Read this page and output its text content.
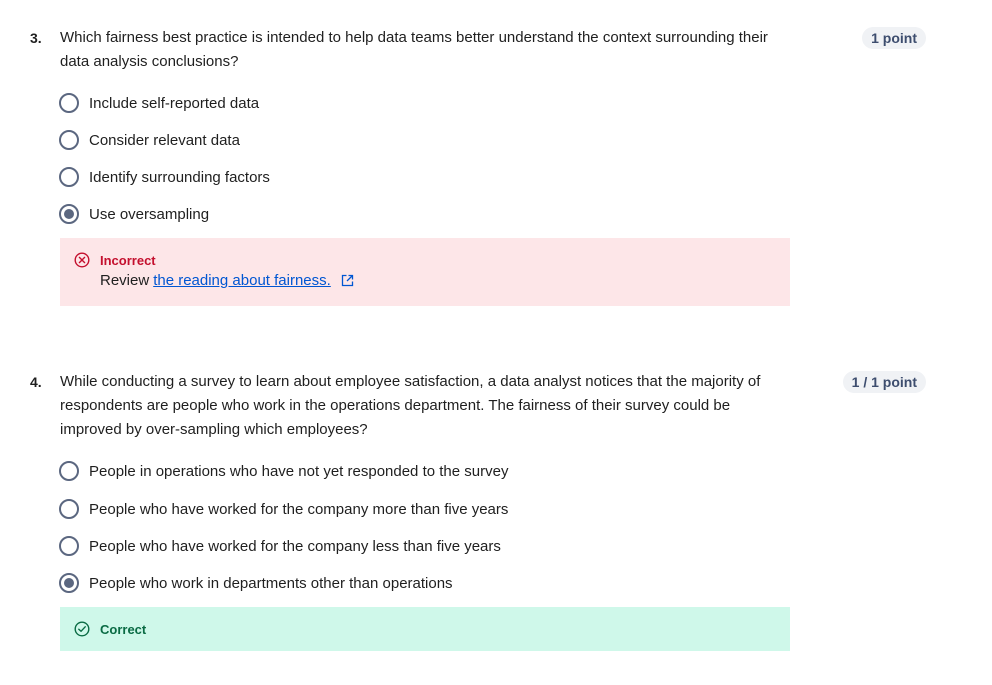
3. Which fairness best practice is intended to help data teams better understand the context surrounding their data analysis conclusions?

1 point
Include self-reported data
Consider relevant data
Identify surrounding factors
Use oversampling
Incorrect
Review the reading about fairness.
4. While conducting a survey to learn about employee satisfaction, a data analyst notices that the majority of respondents are people who work in the operations department. The fairness of their survey could be improved by over-sampling which employees?

1 / 1 point
People in operations who have not yet responded to the survey
People who have worked for the company more than five years
People who have worked for the company less than five years
People who work in departments other than operations
Correct
